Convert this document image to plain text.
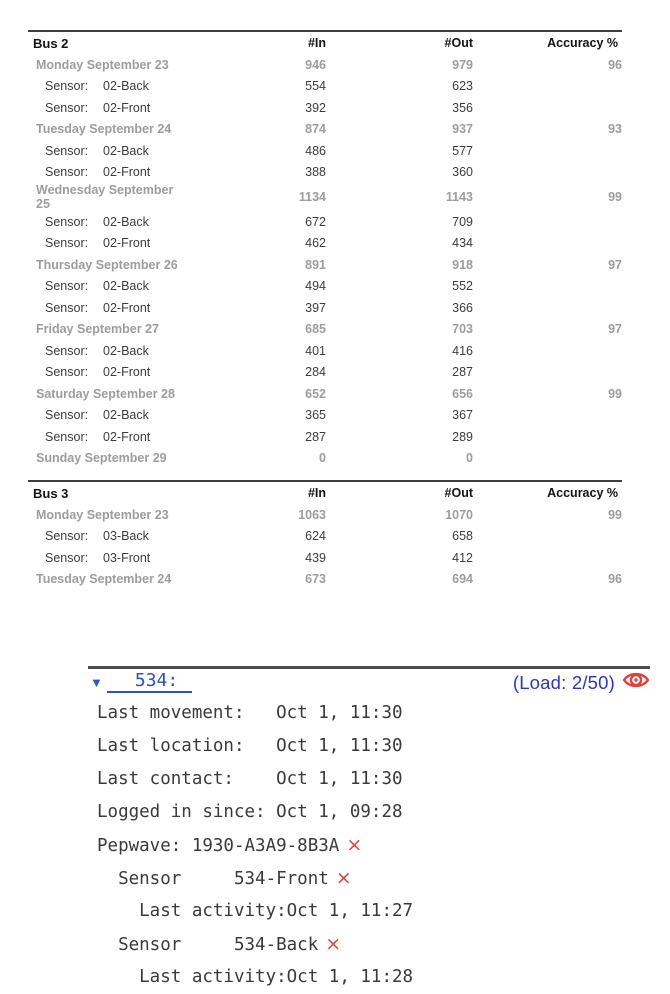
Bus 2	#In	#Out	Accuracy %
Monday September 23	946	979	96
Sensor: 02-Back	554	623	
Sensor: 02-Front	392	356	
Tuesday September 24	874	937	93
Sensor: 02-Back	486	577	
Sensor: 02-Front	388	360	
Wednesday September 25	1134	1143	99
Sensor: 02-Back	672	709	
Sensor: 02-Front	462	434	
Thursday September 26	891	918	97
Sensor: 02-Back	494	552	
Sensor: 02-Front	397	366	
Friday September 27	685	703	97
Sensor: 02-Back	401	416	
Sensor: 02-Front	284	287	
Saturday September 28	652	656	99
Sensor: 02-Back	365	367	
Sensor: 02-Front	287	289	
Sunday September 29	0	0	
Bus 3	#In	#Out	Accuracy %
Monday September 23	1063	1070	99
Sensor: 03-Back	624	658	
Sensor: 03-Front	439	412	
Tuesday September 24	673	694	96
▼	534:	(Load: 2/50)
Last movement:   Oct 1, 11:30
Last location:   Oct 1, 11:30
Last contact:    Oct 1, 11:30
Logged in since: Oct 1, 09:28
Pepwave: 1930-A3A9-8B3A ×
Sensor     534-Front ×
Last activity:Oct 1, 11:27
Sensor     534-Back ×
Last activity:Oct 1, 11:28
